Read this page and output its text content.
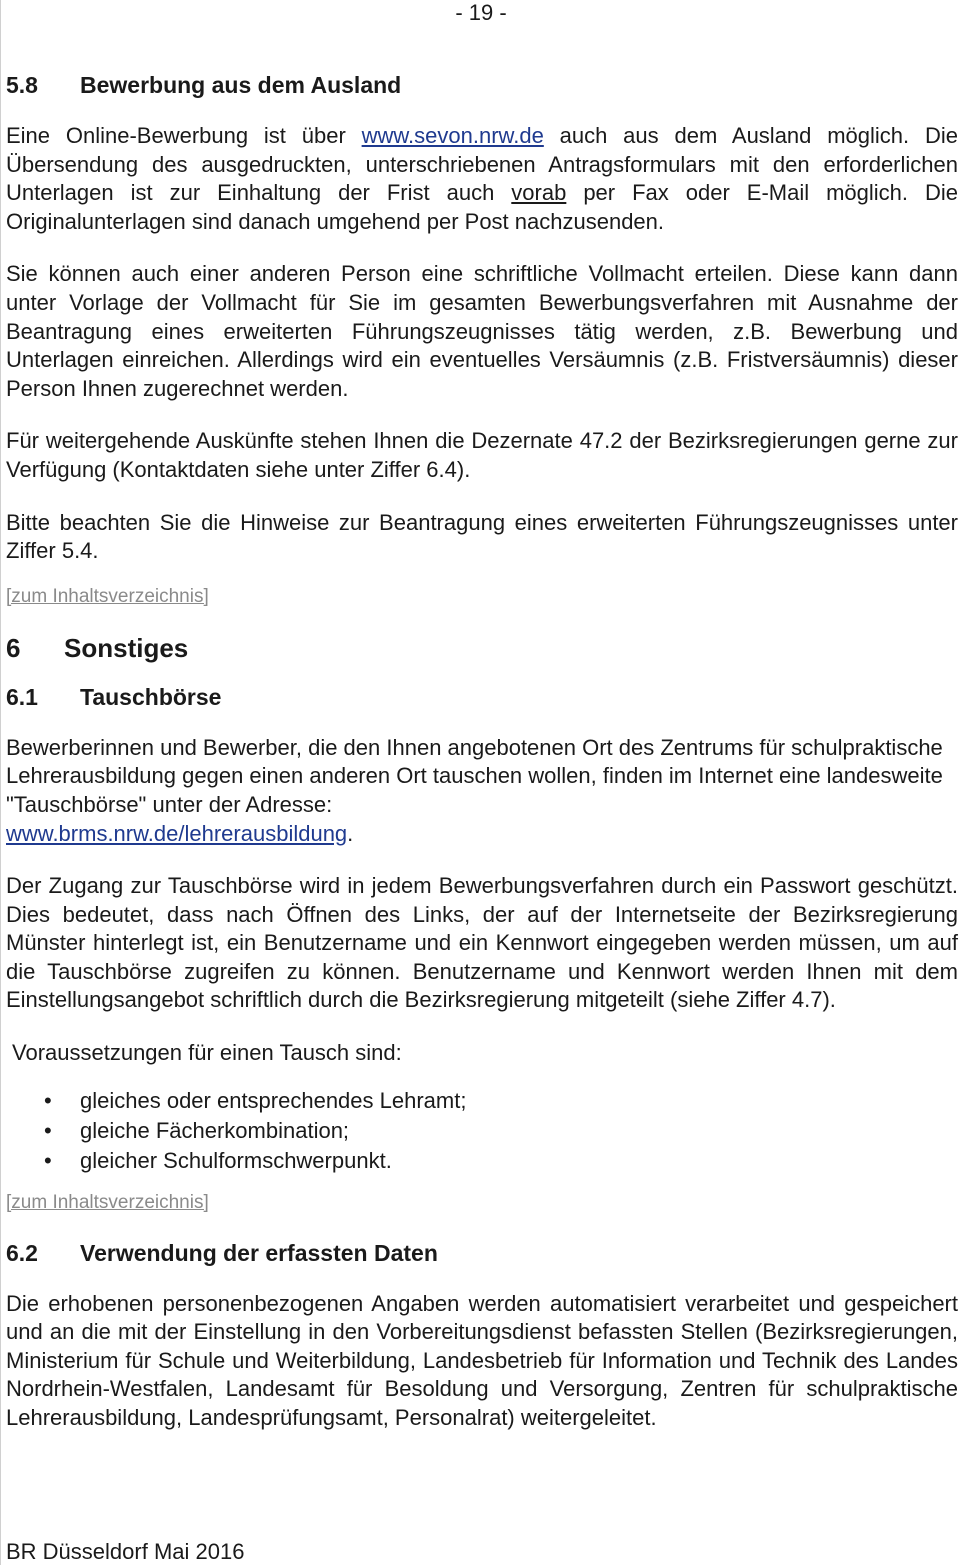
- 19 -
5.8 Bewerbung aus dem Ausland

Eine Online-Bewerbung ist über www.sevon.nrw.de auch aus dem Ausland möglich. Die Übersendung des ausgedruckten, unterschriebenen Antragsformulars mit den erforderlichen Unterlagen ist zur Einhaltung der Frist auch vorab per Fax oder E-Mail möglich. Die Originalunterlagen sind danach umgehend per Post nachzusenden.

Sie können auch einer anderen Person eine schriftliche Vollmacht erteilen. Diese kann dann unter Vorlage der Vollmacht für Sie im gesamten Bewerbungsverfahren mit Ausnahme der Beantragung eines erweiterten Führungszeugnisses tätig werden, z.B. Bewerbung und Unterlagen einreichen. Allerdings wird ein eventuelles Versäumnis (z.B. Fristversäumnis) dieser Person Ihnen zugerechnet werden.

Für weitergehende Auskünfte stehen Ihnen die Dezernate 47.2 der Bezirksregierungen gerne zur Verfügung (Kontaktdaten siehe unter Ziffer 6.4).

Bitte beachten Sie die Hinweise zur Beantragung eines erweiterten Führungszeugnisses unter Ziffer 5.4.

[zum Inhaltsverzeichnis]
6 Sonstiges
6.1 Tauschbörse

Bewerberinnen und Bewerber, die den Ihnen angebotenen Ort des Zentrums für schulpraktische Lehrerausbildung gegen einen anderen Ort tauschen wollen, finden im Internet eine landesweite "Tauschbörse" unter der Adresse:
www.brms.nrw.de/lehrerausbildung.

Der Zugang zur Tauschbörse wird in jedem Bewerbungsverfahren durch ein Passwort geschützt. Dies bedeutet, dass nach Öffnen des Links, der auf der Internetseite der Bezirksregierung Münster hinterlegt ist, ein Benutzername und ein Kennwort eingegeben werden müssen, um auf die Tauschbörse zugreifen zu können. Benutzername und Kennwort werden Ihnen mit dem Einstellungsangebot schriftlich durch die Bezirksregierung mitgeteilt (siehe Ziffer 4.7).

Voraussetzungen für einen Tausch sind:

• gleiches oder entsprechendes Lehramt;
• gleiche Fächerkombination;
• gleicher Schulformschwerpunkt.
[zum Inhaltsverzeichnis]
6.2 Verwendung der erfassten Daten

Die erhobenen personenbezogenen Angaben werden automatisiert verarbeitet und gespeichert und an die mit der Einstellung in den Vorbereitungsdienst befassten Stellen (Bezirksregierungen, Ministerium für Schule und Weiterbildung, Landesbetrieb für Information und Technik des Landes Nordrhein-Westfalen, Landesamt für Besoldung und Versorgung, Zentren für schulpraktische Lehrerausbildung, Landesprüfungsamt, Personalrat) weitergeleitet.

BR Düsseldorf Mai 2016
